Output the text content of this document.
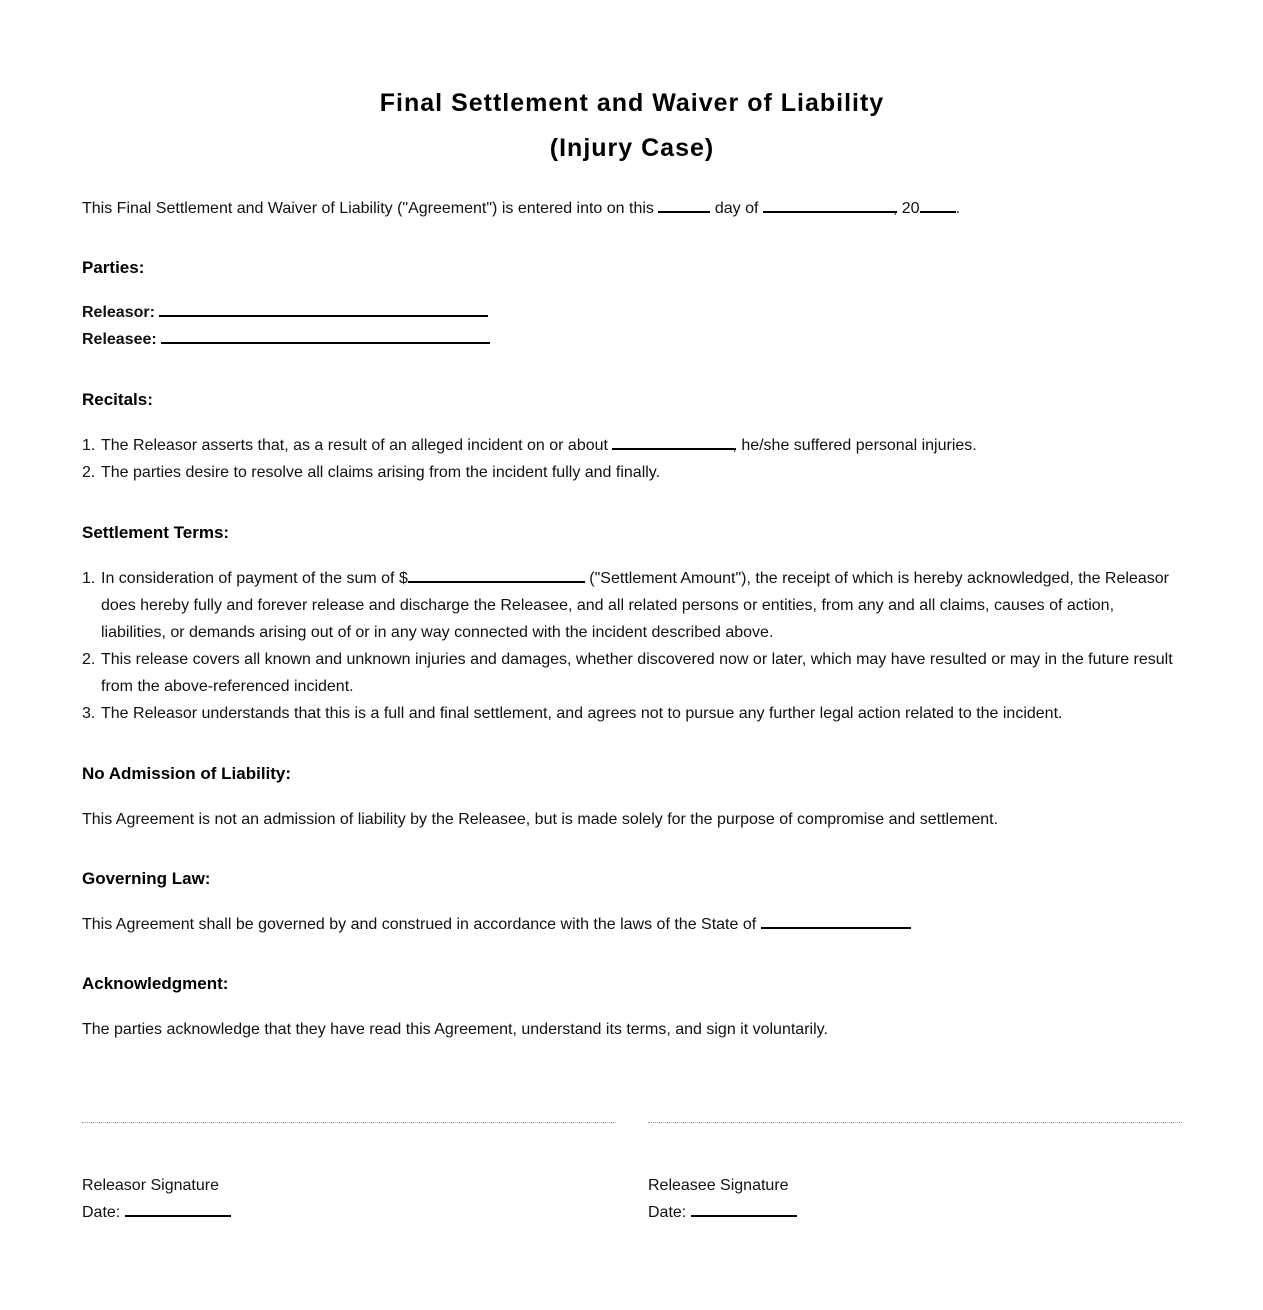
Final Settlement and Waiver of Liability
(Injury Case)
This Final Settlement and Waiver of Liability ("Agreement") is entered into on this	day of	, 20 .
Parties:
Releasor:
Releasee:
Recitals:
1. The Releasor asserts that, as a result of an alleged incident on or about	, he/she suffered personal injuries.
2. The parties desire to resolve all claims arising from the incident fully and finally.
Settlement Terms:
1. In consideration of payment of the sum of $	("Settlement Amount"), the receipt of which is hereby acknowledged, the Releasor
does hereby fully and forever release and discharge the Releasee, and all related persons or entities, from any and all claims, causes of action,
liabilities, or demands arising out of or in any way connected with the incident described above.
2. This release covers all known and unknown injuries and damages, whether discovered now or later, which may have resulted or may in the future result
from the above-referenced incident.
3. The Releasor understands that this is a full and final settlement, and agrees not to pursue any further legal action related to the incident.
No Admission of Liability:
This Agreement is not an admission of liability by the Releasee, but is made solely for the purpose of compromise and settlement.
Governing Law:
This Agreement shall be governed by and construed in accordance with the laws of the State of	.
Acknowledgment:
The parties acknowledge that they have read this Agreement, understand its terms, and sign it voluntarily.
Releasor Signature
Date:
Releasee Signature
Date:
